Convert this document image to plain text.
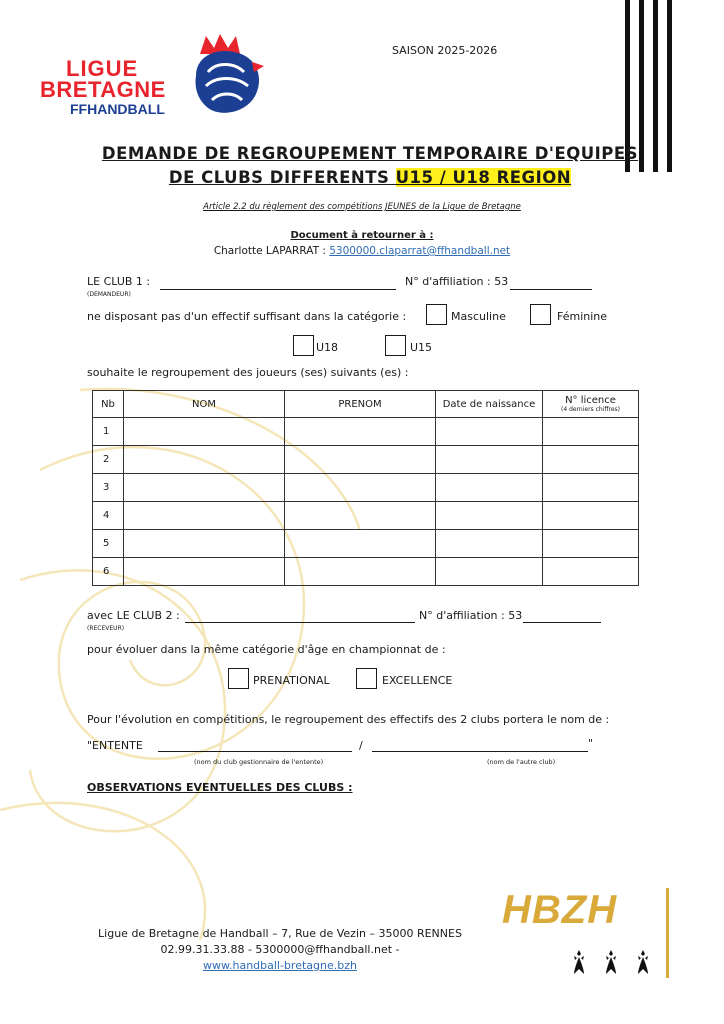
LIGUE
BRETAGNE
FFHANDBALL
SAISON 2025-2026
DEMANDE DE REGROUPEMENT TEMPORAIRE D'EQUIPES
DE CLUBS DIFFERENTS U15 / U18 REGION
Article 2.2 du règlement des compétitions JEUNES de la Ligue de Bretagne
Document à retourner à :
Charlotte LAPARRAT : 5300000.claparrat@ffhandball.net
LE CLUB 1 :
(DEMANDEUR)
N° d'affiliation : 53
ne disposant pas d'un effectif suffisant dans la catégorie :	Masculine	Féminine
U18	U15
souhaite le regroupement des joueurs (ses) suivants (es) :
Nb	NOM	PRENOM	Date de naissance	N° licence
(4 derniers chiffres)

1				
2				
3				
4				
5				
6				
avec LE CLUB 2 :
(RECEVEUR)
N° d'affiliation : 53
pour évoluer dans la même catégorie d'âge en championnat de :
PRENATIONAL	EXCELLENCE
Pour l'évolution en compétitions, le regroupement des effectifs des 2 clubs portera le nom de :
"ENTENTE	/	"
(nom du club gestionnaire de l'entente)	(nom de l'autre club)
OBSERVATIONS EVENTUELLES DES CLUBS :
Ligue de Bretagne de Handball – 7, Rue de Vezin – 35000 RENNES
02.99.31.33.88 - 5300000@ffhandball.net -
www.handball-bretagne.bzh
HBZH
